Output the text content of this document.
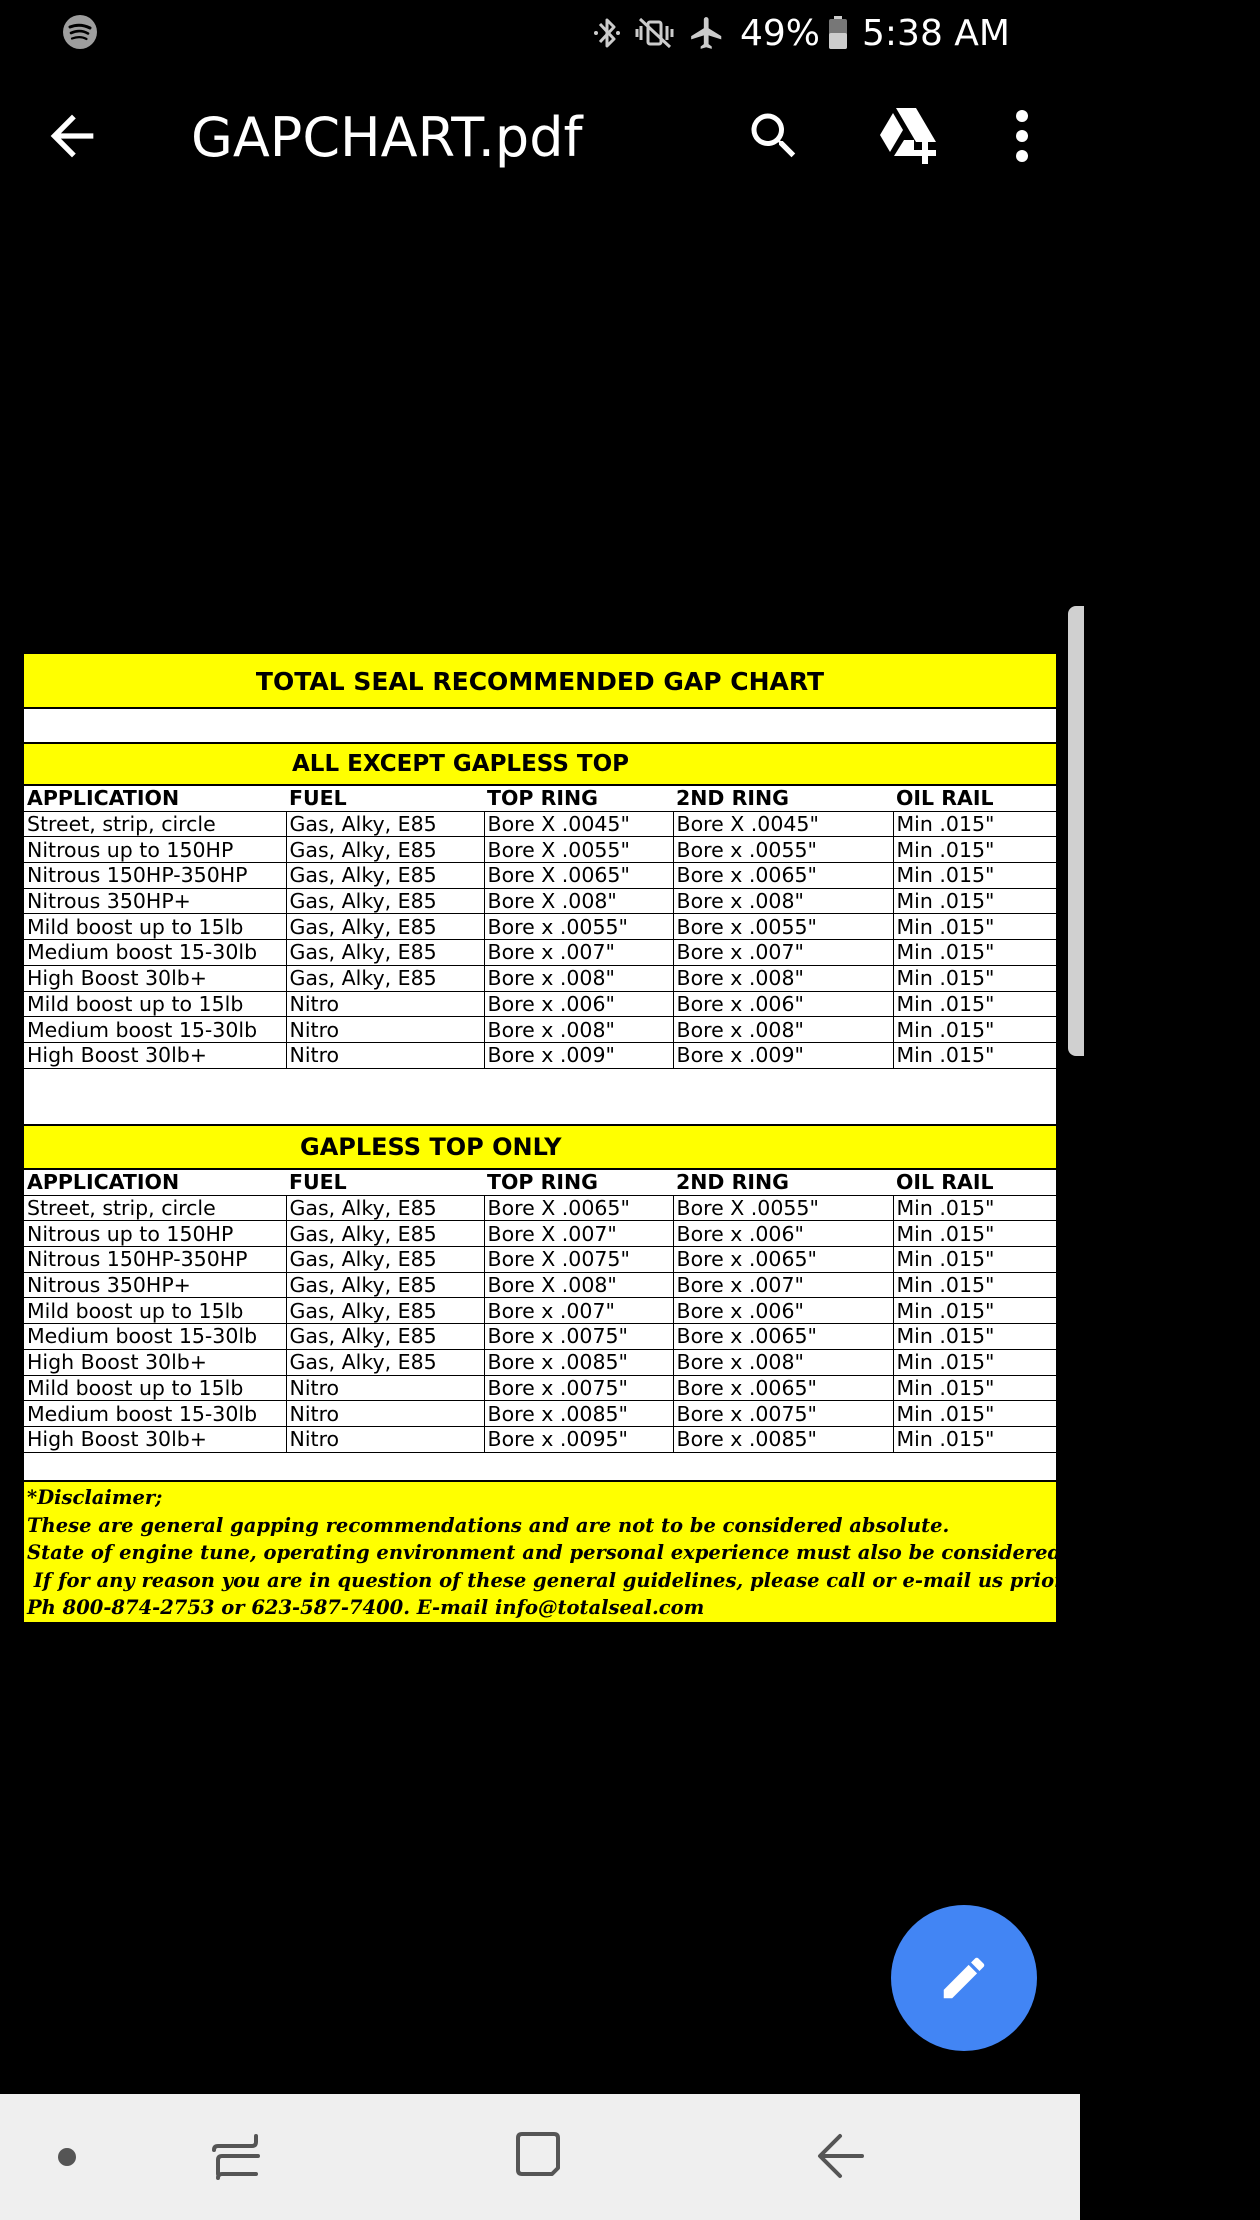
49% 5:38 AM
GAPCHART.pdf
TOTAL SEAL RECOMMENDED GAP CHART
ALL EXCEPT GAPLESS TOP
APPLICATION	FUEL	TOP RING	2ND RING	OIL RAIL
Street, strip, circle	Gas, Alky, E85	Bore X .0045"	Bore X .0045"	Min .015"
Nitrous up to 150HP	Gas, Alky, E85	Bore X .0055"	Bore x .0055"	Min .015"
Nitrous 150HP-350HP	Gas, Alky, E85	Bore X .0065"	Bore x .0065"	Min .015"
Nitrous 350HP+	Gas, Alky, E85	Bore X .008"	Bore x .008"	Min .015"
Mild boost up to 15lb	Gas, Alky, E85	Bore x .0055"	Bore x .0055"	Min .015"
Medium boost 15-30lb	Gas, Alky, E85	Bore x .007"	Bore x .007"	Min .015"
High Boost 30lb+	Gas, Alky, E85	Bore x .008"	Bore x .008"	Min .015"
Mild boost up to 15lb	Nitro	Bore x .006"	Bore x .006"	Min .015"
Medium boost 15-30lb	Nitro	Bore x .008"	Bore x .008"	Min .015"
High Boost 30lb+	Nitro	Bore x .009"	Bore x .009"	Min .015"

GAPLESS TOP ONLY
APPLICATION	FUEL	TOP RING	2ND RING	OIL RAIL
Street, strip, circle	Gas, Alky, E85	Bore X .0065"	Bore X .0055"	Min .015"
Nitrous up to 150HP	Gas, Alky, E85	Bore X .007"	Bore x .006"	Min .015"
Nitrous 150HP-350HP	Gas, Alky, E85	Bore X .0075"	Bore x .0065"	Min .015"
Nitrous 350HP+	Gas, Alky, E85	Bore X .008"	Bore x .007"	Min .015"
Mild boost up to 15lb	Gas, Alky, E85	Bore x .007"	Bore x .006"	Min .015"
Medium boost 15-30lb	Gas, Alky, E85	Bore x .0075"	Bore x .0065"	Min .015"
High Boost 30lb+	Gas, Alky, E85	Bore x .0085"	Bore x .008"	Min .015"
Mild boost up to 15lb	Nitro	Bore x .0075"	Bore x .0065"	Min .015"
Medium boost 15-30lb	Nitro	Bore x .0085"	Bore x .0075"	Min .015"
High Boost 30lb+	Nitro	Bore x .0095"	Bore x .0085"	Min .015"

*Disclaimer;
These are general gapping recommendations and are not to be considered absolute.
State of engine tune, operating environment and personal experience must also be considered.
If for any reason you are in question of these general guidelines, please call or e-mail us prior to final assembly.
Ph 800-874-2753 or 623-587-7400. E-mail info@totalseal.com
